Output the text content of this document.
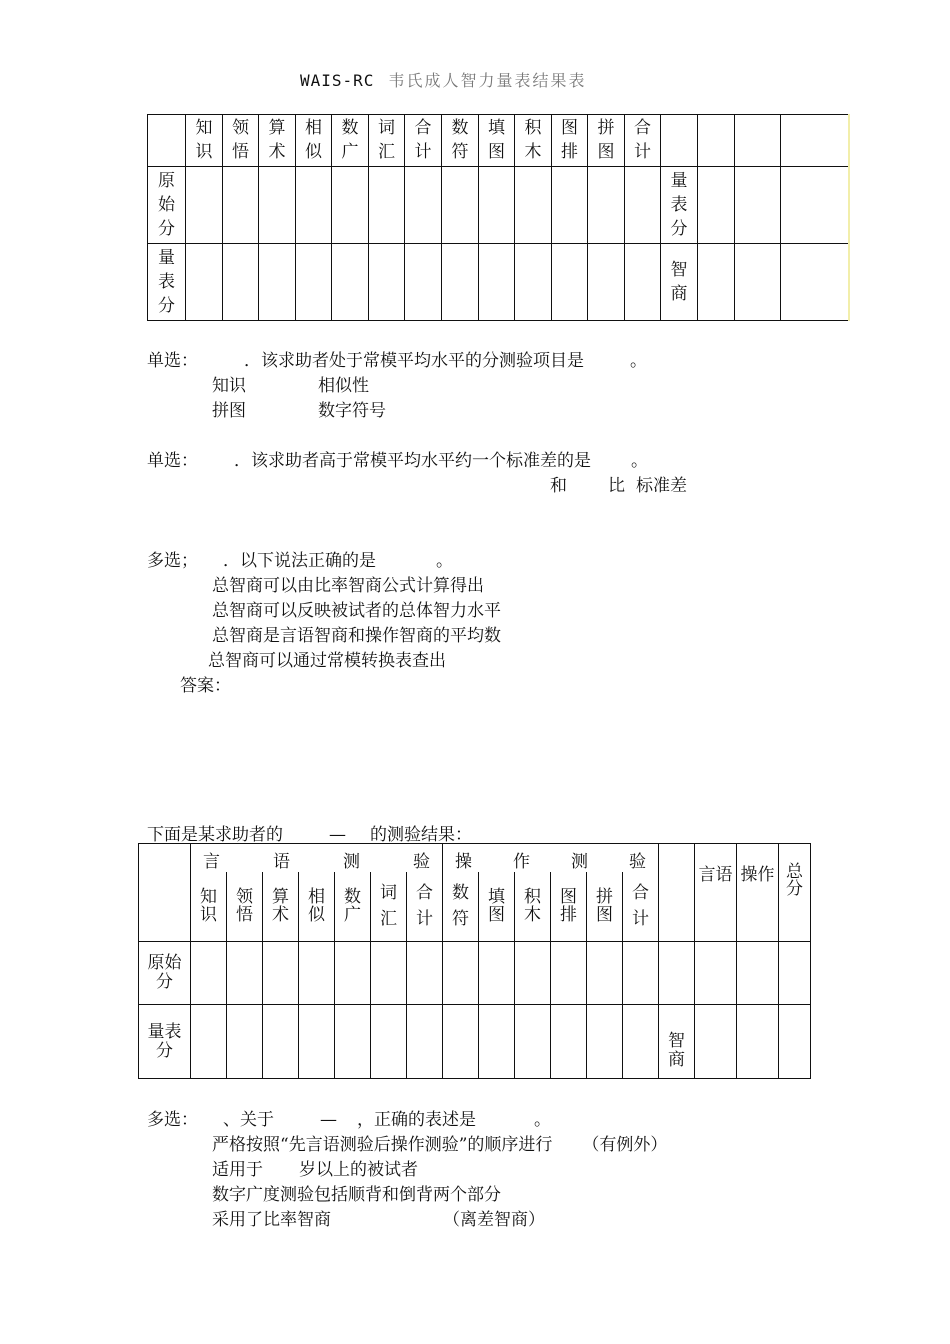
WAIS-RC 韦氏成人智力量表结果表
	知识	领悟	算术	相似	数广	词汇	合计	数符	填图	积木	图排	拼图	合计				
原始分														量表分			
量表分														智商			
单选：	．该求助者处于常模平均水平的分测验项目是	。
知识	相似性
拼图	数字符号
单选： ．该求助者高于常模平均水平约一个标准差的是 。
和 比 标准差
多选； ．以下说法正确的是	。
总智商可以由比率智商公式计算得出
总智商可以反映被试者的总体智力水平
总智商是言语智商和操作智商的平均数
总智商可以通过常模转换表查出
答案：
下面是某求助者的	— 的测验结果：
	言语测验							操作测验							言语	操作	总分
	知识	领悟	算术	相似	数广	词汇	合计	数符	填图	积木	图排	拼图	合计				
原始分																	
量表分														智商			
多选： 、关于	— ，正确的表述是	。
严格按照“先言语测验后操作测验”的顺序进行 （有例外）
适用于 岁以上的被试者
数字广度测验包括顺背和倒背两个部分
采用了比率智商	（离差智商）
